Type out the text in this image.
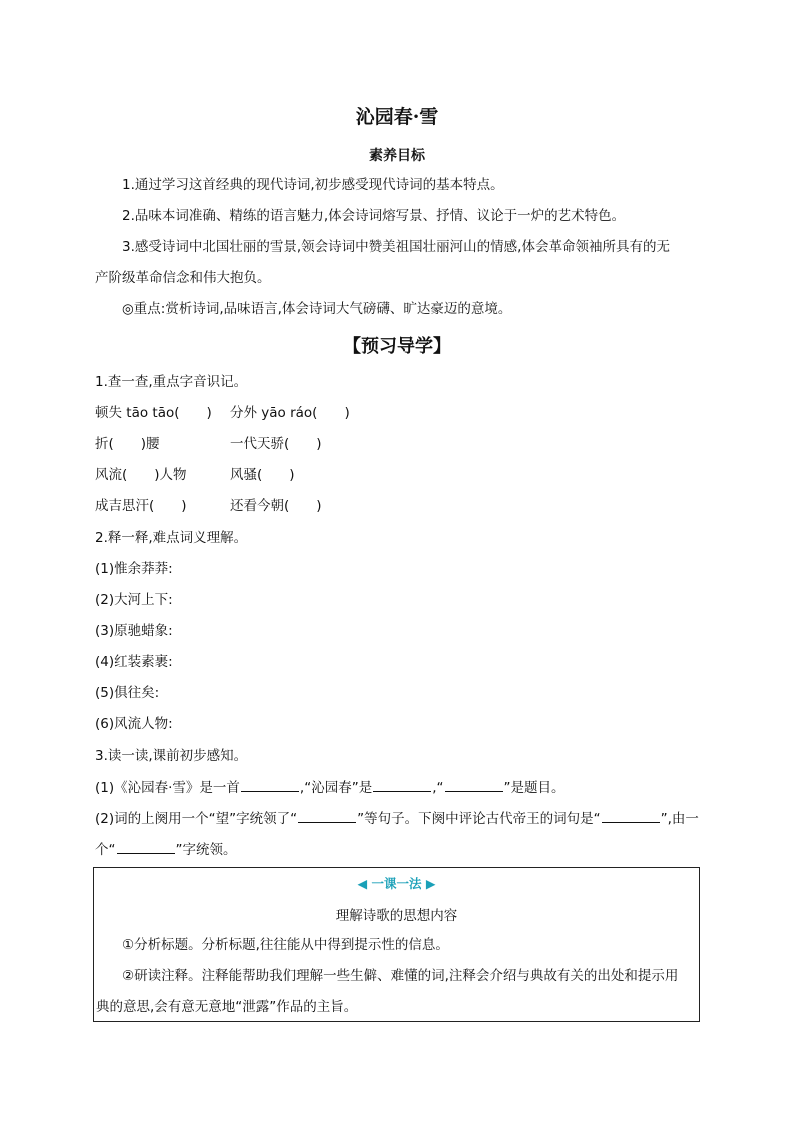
沁园春·雪
素养目标
1.通过学习这首经典的现代诗词,初步感受现代诗词的基本特点。
2.品味本词准确、精练的语言魅力,体会诗词熔写景、抒情、议论于一炉的艺术特色。
3.感受诗词中北国壮丽的雪景,领会诗词中赞美祖国壮丽河山的情感,体会革命领袖所具有的无
产阶级革命信念和伟大抱负。
◎重点:赏析诗词,品味语言,体会诗词大气磅礴、旷达豪迈的意境。
【预习导学】
1.查一查,重点字音识记。
顿失 tāo tāo(　　) 分外 yāo ráo(　　)
折(　　)腰	一代天骄(　　)
风流(　　)人物	风骚(　　)
成吉思汗(　　)	还看今朝(　　)
2.释一释,难点词义理解。
(1)惟余莽莽:
(2)大河上下:
(3)原驰蜡象:
(4)红装素裹:
(5)俱往矣:
(6)风流人物:
3.读一读,课前初步感知。
(1)《沁园春·雪》是一首	,“沁园春”是	,“	”是题目。
(2)词的上阕用一个“望”字统领了“	”等句子。下阕中评论古代帝王的词句是“	”,由一
个“	”字统领。
◀ 一课一法 ▶
理解诗歌的思想内容
①分析标题。分析标题,往往能从中得到提示性的信息。
②研读注释。注释能帮助我们理解一些生僻、难懂的词,注释会介绍与典故有关的出处和提示用
典的意思,会有意无意地“泄露”作品的主旨。
